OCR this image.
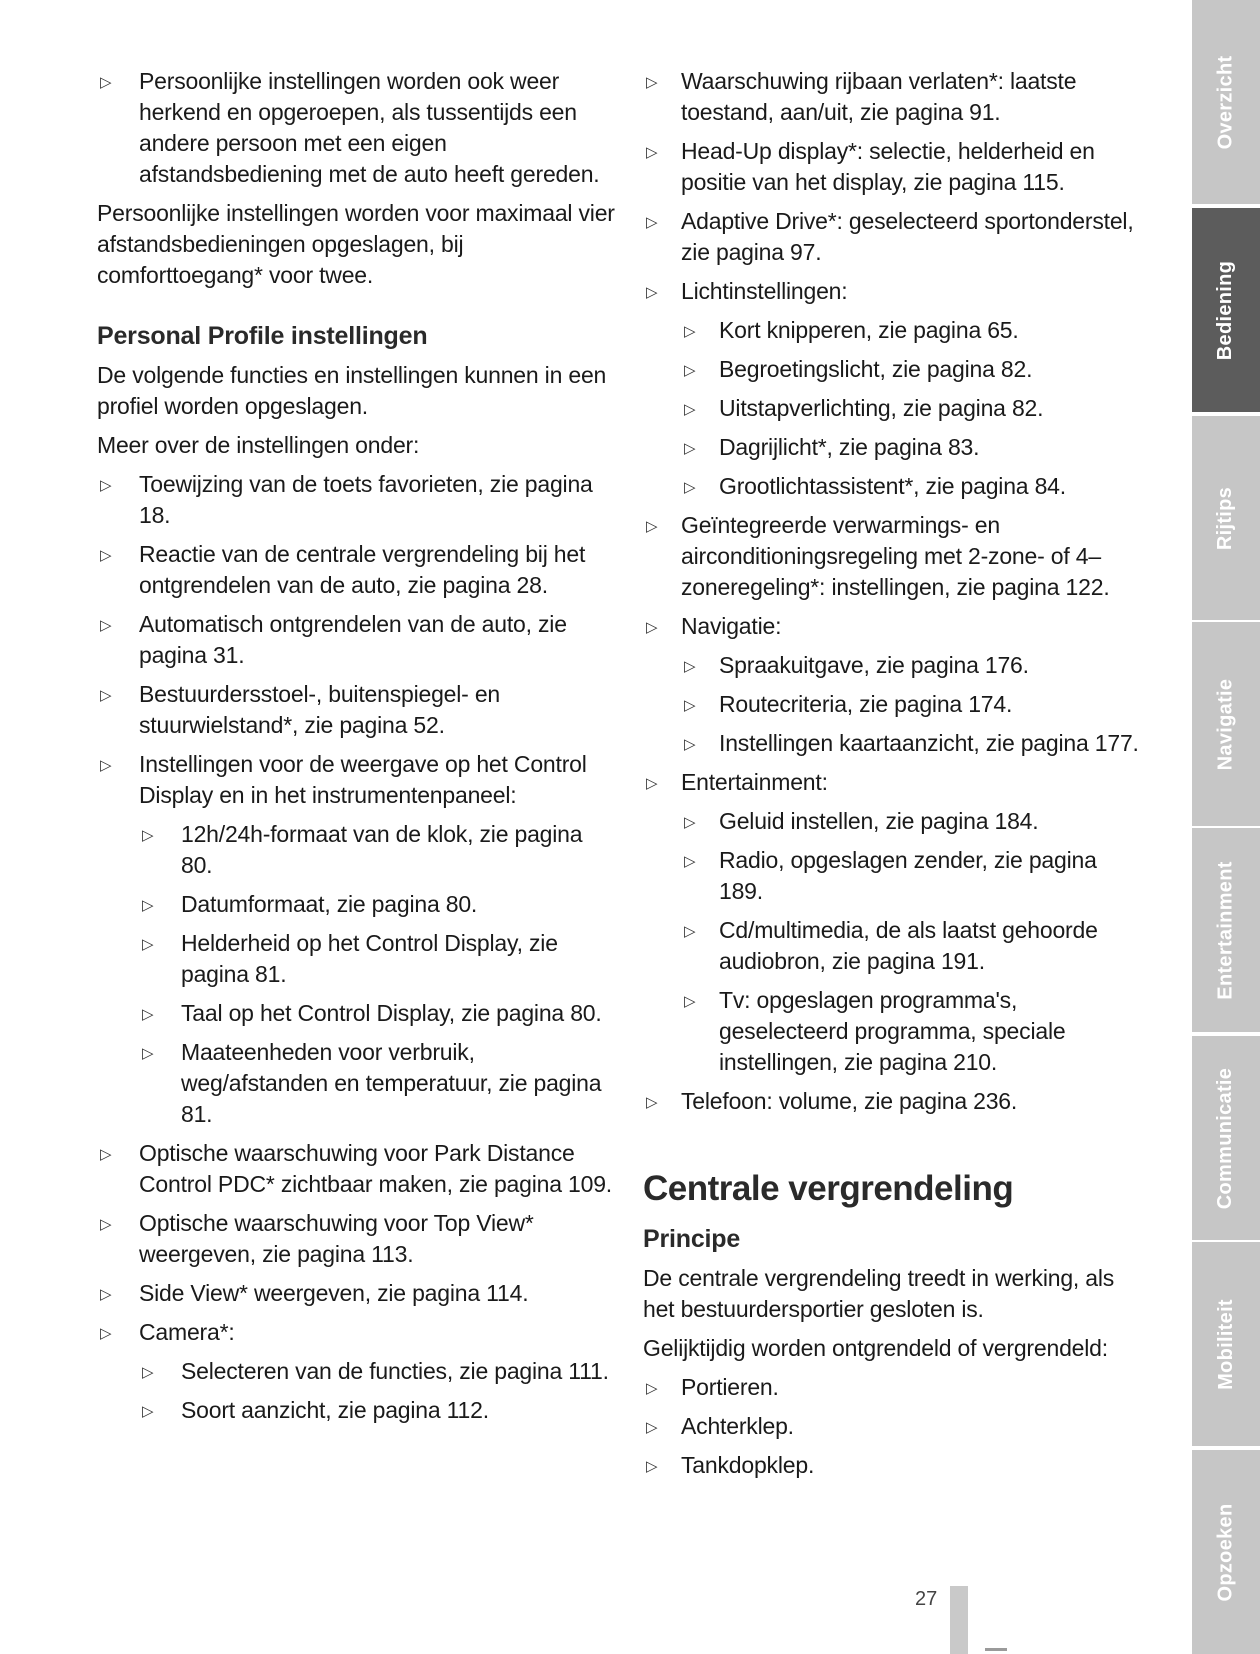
▷ Persoonlijke instellingen worden ook weer herkend en opgeroepen, als tussentijds een andere persoon met een eigen afstandsbediening met de auto heeft gereden.

Persoonlijke instellingen worden voor maximaal vier afstandsbedieningen opgeslagen, bij comforttoegang* voor twee.

Personal Profile instellingen

De volgende functies en instellingen kunnen in een profiel worden opgeslagen.

Meer over de instellingen onder:

▷ Toewijzing van de toets favorieten, zie pagina 18.
▷ Reactie van de centrale vergrendeling bij het ontgrendelen van de auto, zie pagina 28.
▷ Automatisch ontgrendelen van de auto, zie pagina 31.
▷ Bestuurdersstoel-, buitenspiegel- en stuurwielstand*, zie pagina 52.
▷ Instellingen voor de weergave op het Control Display en in het instrumentenpaneel:
▷ 12h/24h-formaat van de klok, zie pagina 80.
▷ Datumformaat, zie pagina 80.
▷ Helderheid op het Control Display, zie pagina 81.
▷ Taal op het Control Display, zie pagina 80.
▷ Maateenheden voor verbruik, weg/afstanden en temperatuur, zie pagina 81.
▷ Optische waarschuwing voor Park Distance Control PDC* zichtbaar maken, zie pagina 109.
▷ Optische waarschuwing voor Top View* weergeven, zie pagina 113.
▷ Side View* weergeven, zie pagina 114.
▷ Camera*:
▷ Selecteren van de functies, zie pagina 111.
▷ Soort aanzicht, zie pagina 112.
▷ Waarschuwing rijbaan verlaten*: laatste toestand, aan/uit, zie pagina 91.
▷ Head-Up display*: selectie, helderheid en positie van het display, zie pagina 115.
▷ Adaptive Drive*: geselecteerd sportonderstel, zie pagina 97.
▷ Lichtinstellingen:
▷ Kort knipperen, zie pagina 65.
▷ Begroetingslicht, zie pagina 82.
▷ Uitstapverlichting, zie pagina 82.
▷ Dagrijlicht*, zie pagina 83.
▷ Grootlichtassistent*, zie pagina 84.
▷ Geïntegreerde verwarmings- en airconditioningsregeling met 2-zone- of 4–zoneregeling*: instellingen, zie pagina 122.
▷ Navigatie:
▷ Spraakuitgave, zie pagina 176.
▷ Routecriteria, zie pagina 174.
▷ Instellingen kaartaanzicht, zie pagina 177.
▷ Entertainment:
▷ Geluid instellen, zie pagina 184.
▷ Radio, opgeslagen zender, zie pagina 189.
▷ Cd/multimedia, de als laatst gehoorde audiobron, zie pagina 191.
▷ Tv: opgeslagen programma's, geselecteerd programma, speciale instellingen, zie pagina 210.
▷ Telefoon: volume, zie pagina 236.
Centrale vergrendeling
Principe

De centrale vergrendeling treedt in werking, als het bestuurdersportier gesloten is.

Gelijktijdig worden ontgrendeld of vergrendeld:

▷ Portieren.
▷ Achterklep.
▷ Tankdopklep.
Overzicht
Bediening
Rijtips
Navigatie
Entertainment
Communicatie
Mobiliteit
Opzoeken
27
